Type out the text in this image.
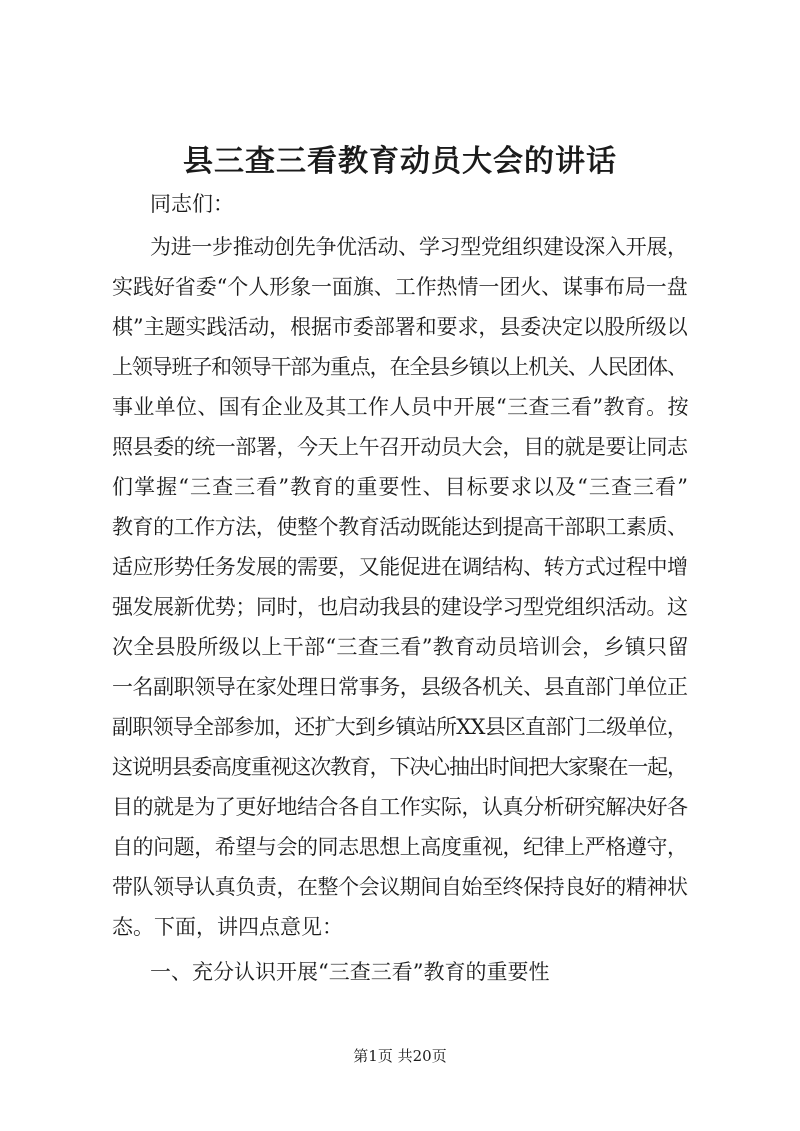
县三查三看教育动员大会的讲话
同志们：
为进一步推动创先争优活动、学习型党组织建设深入开展，
实践好省委“个人形象一面旗、工作热情一团火、谋事布局一盘
棋”主题实践活动，根据市委部署和要求，县委决定以股所级以
上领导班子和领导干部为重点，在全县乡镇以上机关、人民团体、
事业单位、国有企业及其工作人员中开展“三查三看”教育。按
照县委的统一部署，今天上午召开动员大会，目的就是要让同志
们掌握“三查三看”教育的重要性、目标要求以及“三查三看”
教育的工作方法，使整个教育活动既能达到提高干部职工素质、
适应形势任务发展的需要，又能促进在调结构、转方式过程中增
强发展新优势；同时，也启动我县的建设学习型党组织活动。这
次全县股所级以上干部“三查三看”教育动员培训会，乡镇只留
一名副职领导在家处理日常事务，县级各机关、县直部门单位正
副职领导全部参加，还扩大到乡镇站所XX县区直部门二级单位，
这说明县委高度重视这次教育，下决心抽出时间把大家聚在一起，
目的就是为了更好地结合各自工作实际，认真分析研究解决好各
自的问题，希望与会的同志思想上高度重视，纪律上严格遵守，
带队领导认真负责，在整个会议期间自始至终保持良好的精神状
态。下面，讲四点意见：
一、充分认识开展“三查三看”教育的重要性
第1页 共20页
